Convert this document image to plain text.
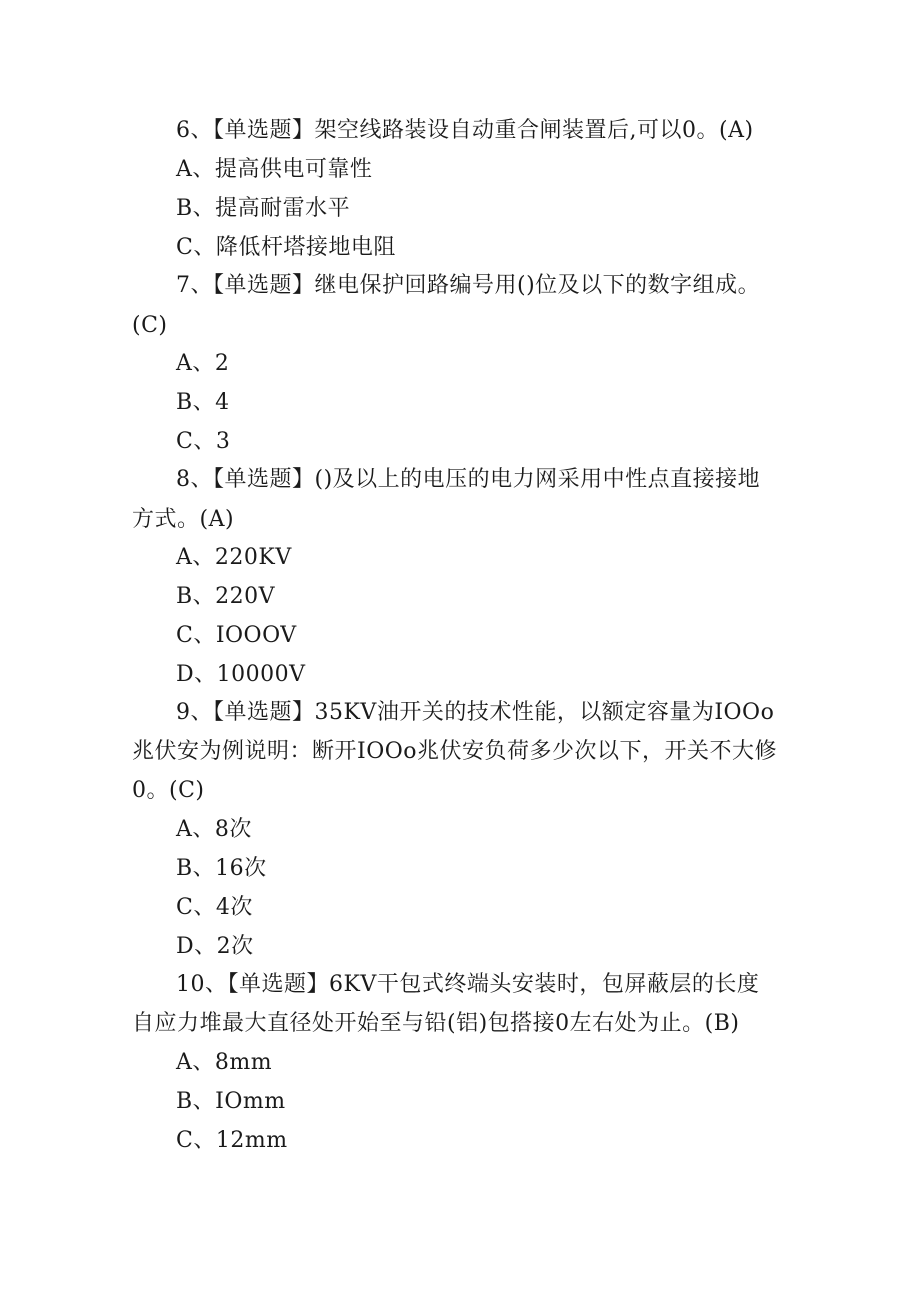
6、【单选题】架空线路装设自动重合闸装置后,可以0。(A)
A、提高供电可靠性
B、提高耐雷水平
C、降低杆塔接地电阻
7、【单选题】继电保护回路编号用()位及以下的数字组成。
(C)
A、2
B、4
C、3
8、【单选题】()及以上的电压的电力网采用中性点直接接地
方式。(A)
A、220KV
B、220V
C、IOOOV
D、10000V
9、【单选题】35KV油开关的技术性能，以额定容量为IOOo
兆伏安为例说明：断开IOOo兆伏安负荷多少次以下，开关不大修
0。(C)
A、8次
B、16次
C、4次
D、2次
10、【单选题】6KV干包式终端头安装时，包屏蔽层的长度
自应力堆最大直径处开始至与铅(铝)包搭接0左右处为止。(B)
A、8mm
B、IOmm
C、12mm
